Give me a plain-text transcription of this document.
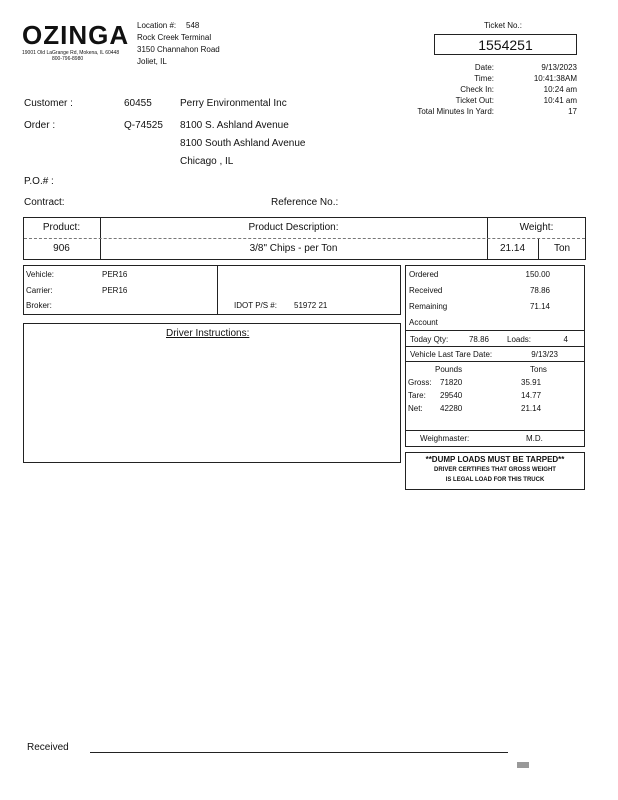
OZINGA
19001 Old LaGrange Rd, Mokena, IL 60448
800-796-8980
Location #: 548
Rock Creek Terminal
3150 Channahon Road
Joliet, IL
Ticket No.:
1554251
Date:	9/13/2023
Time:	10:41:38AM
Check In:	10:24 am
Ticket Out:	10:41 am
Total Minutes In Yard:	17
Customer :	60455	Perry Environmental Inc
Order :	Q-74525 8100 S. Ashland Avenue
8100 South Ashland Avenue
Chicago , IL
P.O.# :
Contract:	Reference No.:
Product:	Product Description:	Weight:
906	3/8" Chips - per Ton	21.14	Ton
Vehicle:	PER16
Carrier:	PER16
Broker:	IDOT P/S #: 51972 21
Driver Instructions:
Ordered	150.00
Received	78.86
Remaining	71.14
Account
Today Qty:	78.86 Loads:	4
Vehicle Last Tare Date:	9/13/23
Pounds	Tons
Gross: 71820	35.91
Tare: 29540	14.77
Net: 42280	21.14
Weighmaster:	M.D.
**DUMP LOADS MUST BE TARPED**
DRIVER CERTIFIES THAT GROSS WEIGHT
IS LEGAL LOAD FOR THIS TRUCK
Received
